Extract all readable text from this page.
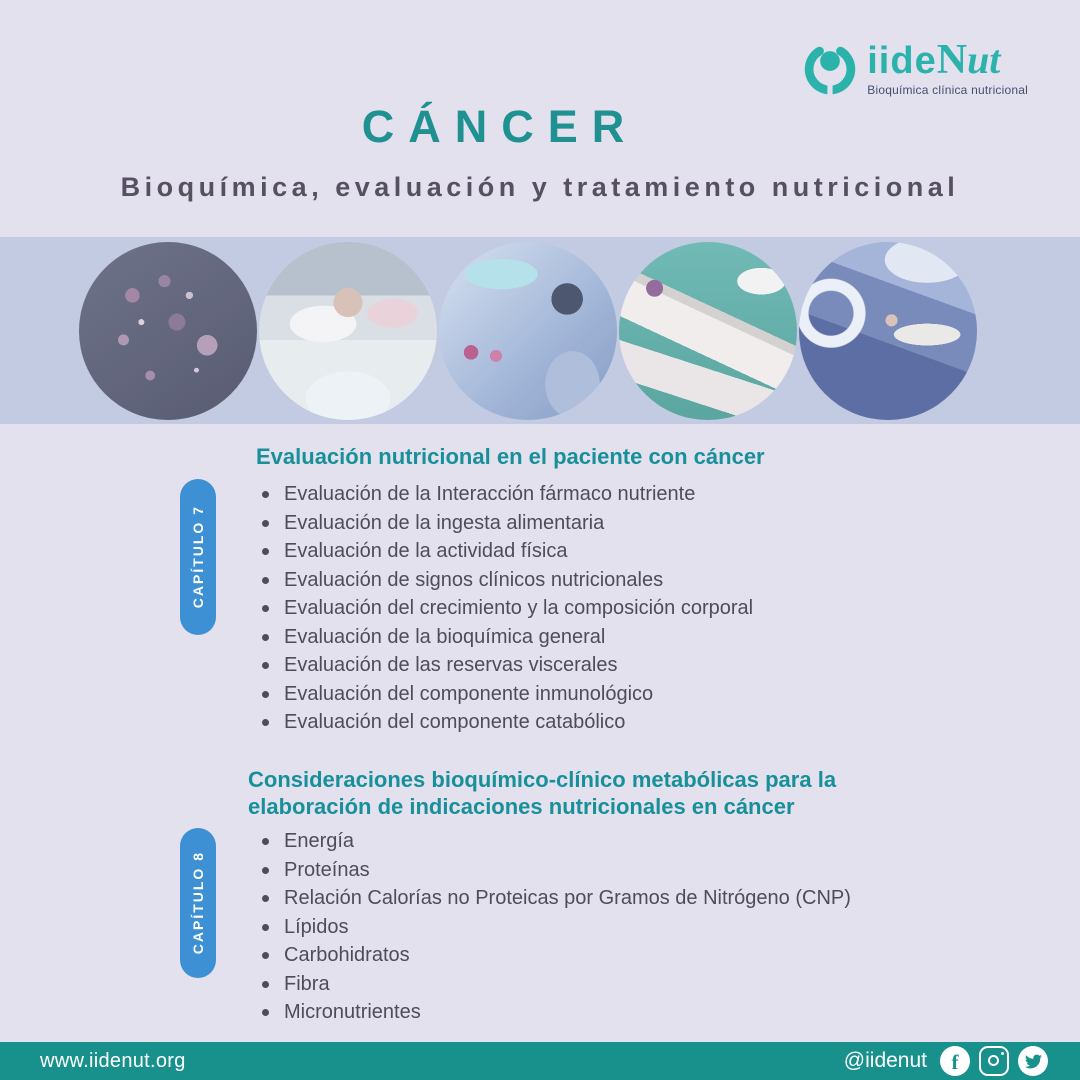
iide N ut
Bioquímica clínica nutricional
CÁNCER
Bioquímica, evaluación y tratamiento nutricional
CAPÍTULO 7
Evaluación nutricional en el paciente con cáncer
Evaluación de la Interacción fármaco nutriente
Evaluación de la ingesta alimentaria
Evaluación de la actividad física
Evaluación de signos clínicos nutricionales
Evaluación del crecimiento y la composición corporal
Evaluación de la bioquímica general
Evaluación de las reservas viscerales
Evaluación del componente inmunológico
Evaluación del componente catabólico
CAPÍTULO 8
Consideraciones bioquímico-clínico metabólicas para la elaboración de indicaciones nutricionales en cáncer
Energía
Proteínas
Relación Calorías no Proteicas por Gramos de Nitrógeno (CNP)
Lípidos
Carbohidratos
Fibra
Micronutrientes
www.iidenut.org	@iidenut f
